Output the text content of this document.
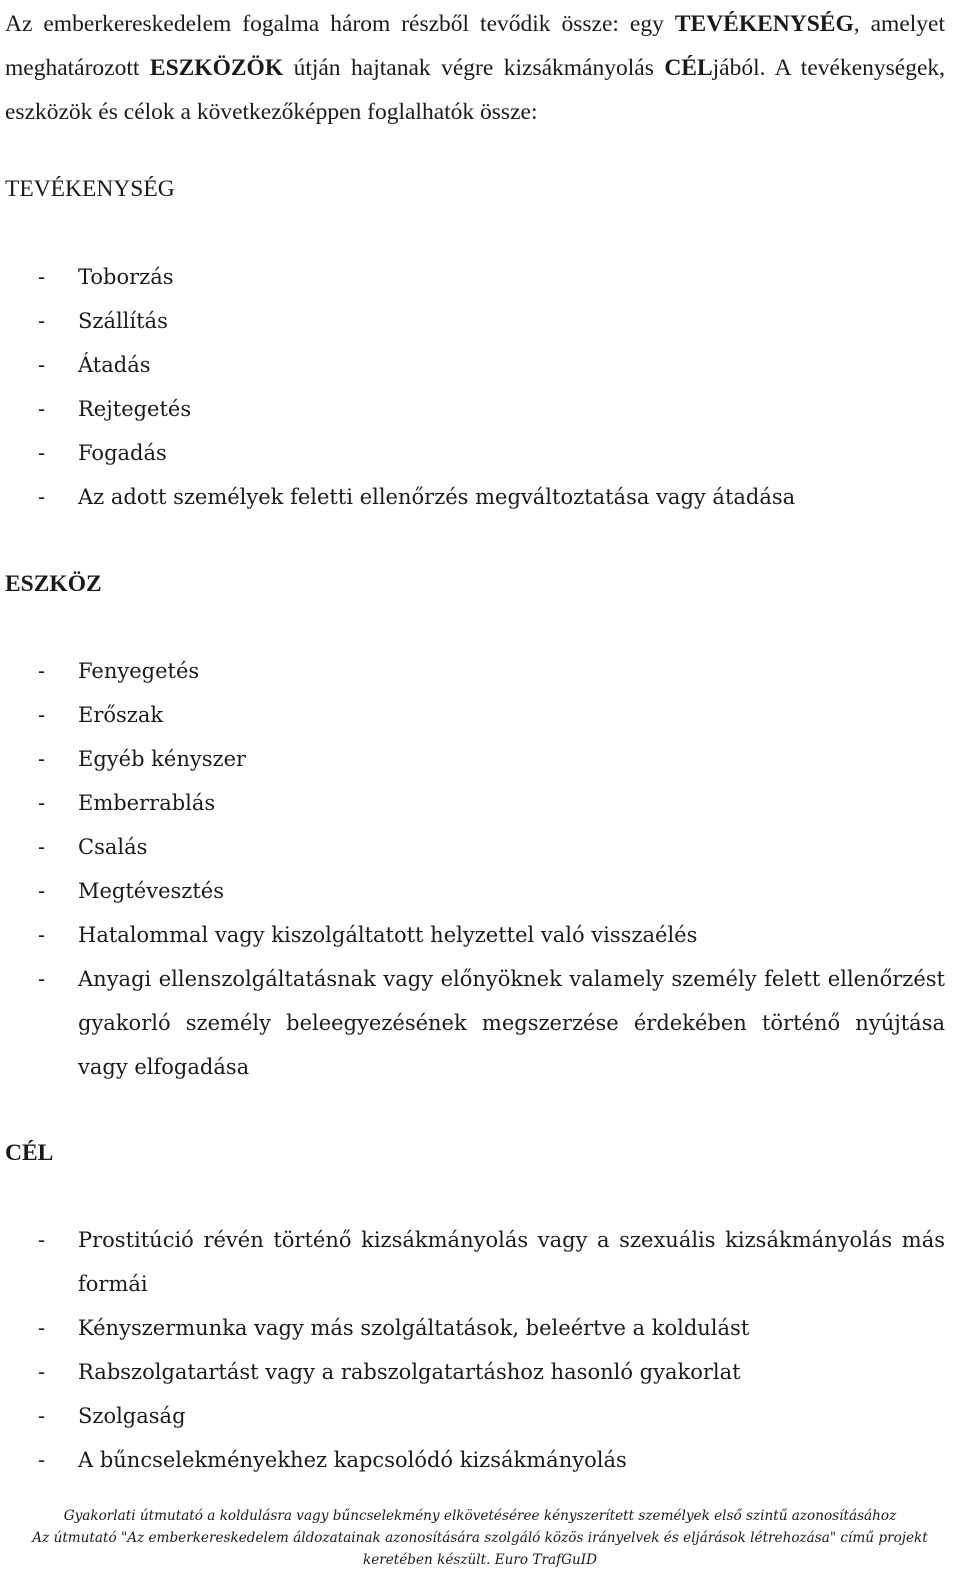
Az emberkereskedelem fogalma három részből tevődik össze: egy TEVÉKENYSÉG, amelyet meghatározott ESZKÖZÖK útján hajtanak végre kizsákmányolás CÉLjából. A tevékenységek, eszközök és célok a következőképpen foglalhatók össze:

TEVÉKENYSÉG
- Toborzás
- Szállítás
- Átadás
- Rejtegetés
- Fogadás
- Az adott személyek feletti ellenőrzés megváltoztatása vagy átadása
ESZKÖZ
- Fenyegetés
- Erőszak
- Egyéb kényszer
- Emberrablás
- Csalás
- Megtévesztés
- Hatalommal vagy kiszolgáltatott helyzettel való visszaélés
- Anyagi ellenszolgáltatásnak vagy előnyöknek valamely személy felett ellenőrzést gyakorló személy beleegyezésének megszerzése érdekében történő nyújtása vagy elfogadása
CÉL
- Prostitúció révén történő kizsákmányolás vagy a szexuális kizsákmányolás más formái
- Kényszermunka vagy más szolgáltatások, beleértve a koldulást
- Rabszolgatartást vagy a rabszolgatartáshoz hasonló gyakorlat
- Szolgaság
- A bűncselekményekhez kapcsolódó kizsákmányolás
Gyakorlati útmutató a koldulásra vagy bűncselekmény elkövetéséree kényszerített személyek első szintű azonosításához
Az útmutató "Az emberkereskedelem áldozatainak azonosítására szolgáló közös irányelvek és eljárások létrehozása" című projekt
keretében készült. Euro TrafGuID
